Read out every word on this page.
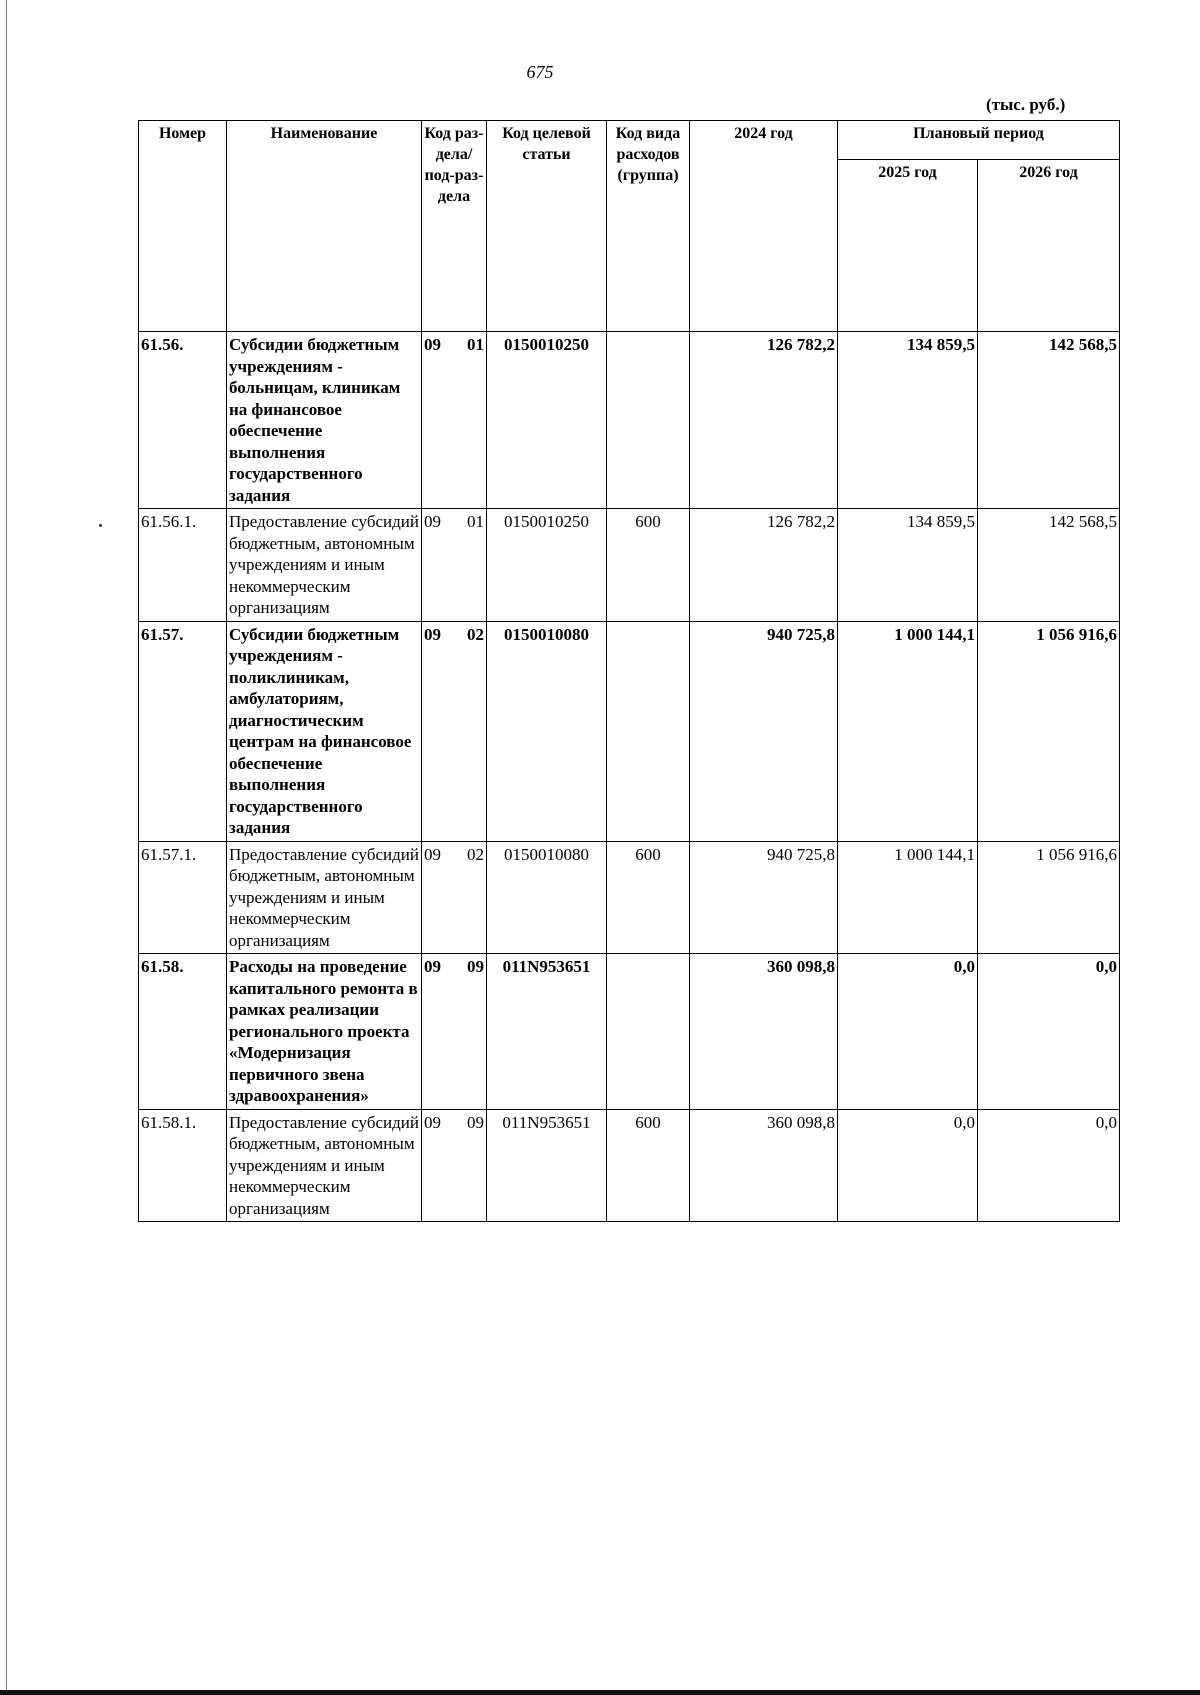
675
(тыс. руб.)
Номер	Наименование	Код раз-дела/ под-раз-дела	Код целевой статьи	Код вида расходов (группа)	2024 год	Плановый период	
						2025 год	2026 год
61.56.	Субсидии бюджетным учреждениям - больницам, клиникам на финансовое обеспечение выполнения государственного задания	09 01	0150010250		126 782,2	134 859,5	142 568,5
61.56.1.	Предоставление субсидий бюджетным, автономным учреждениям и иным некоммерческим организациям	09 01	0150010250	600	126 782,2	134 859,5	142 568,5
61.57.	Субсидии бюджетным учреждениям - поликлиникам, амбулаториям, диагностическим центрам на финансовое обеспечение выполнения государственного задания	09 02	0150010080		940 725,8	1 000 144,1	1 056 916,6
61.57.1.	Предоставление субсидий бюджетным, автономным учреждениям и иным некоммерческим организациям	09 02	0150010080	600	940 725,8	1 000 144,1	1 056 916,6
61.58.	Расходы на проведение капитального ремонта в рамках реализации регионального проекта «Модернизация первичного звена здравоохранения»	09 09	011N953651		360 098,8	0,0	0,0
61.58.1.	Предоставление субсидий бюджетным, автономным учреждениям и иным некоммерческим организациям	09 09	011N953651	600	360 098,8	0,0	0,0
